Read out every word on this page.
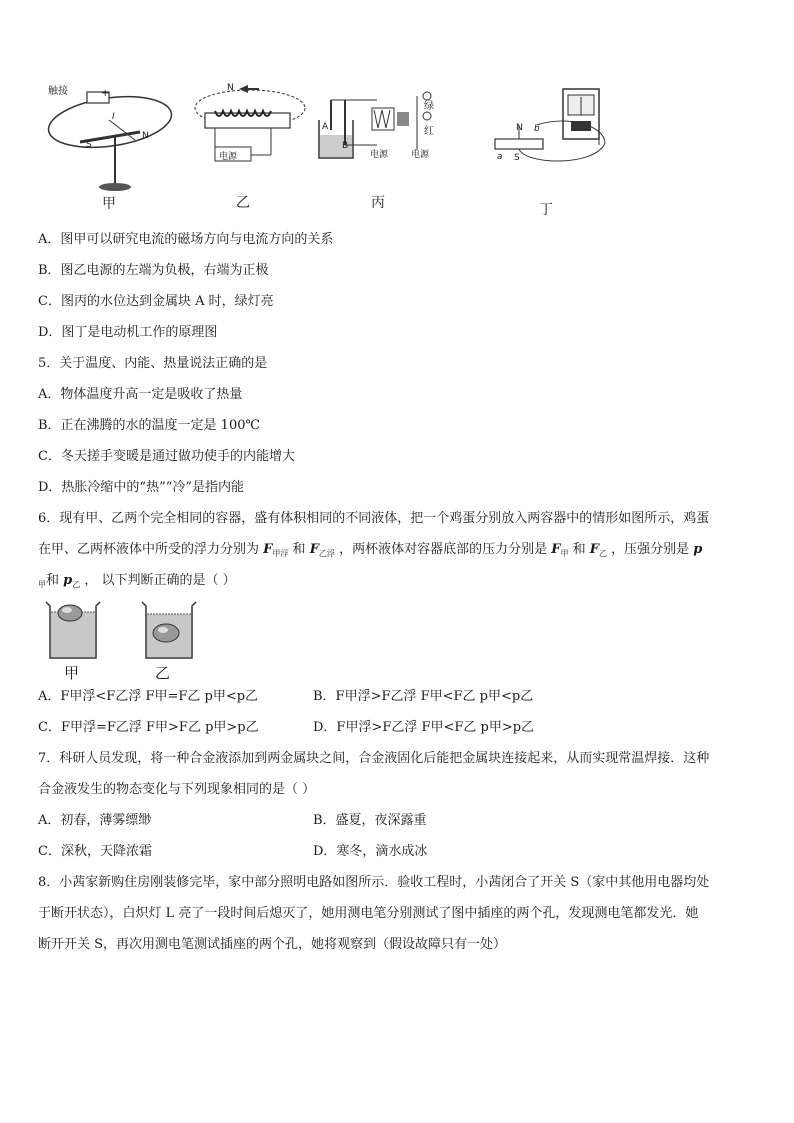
触接	+
I
S
N
甲
N
电源
乙
A
B
电源	电源
绿
红
丙
N b
a S
丁
A．图甲可以研究电流的磁场方向与电流方向的关系
B．图乙电源的左端为负极，右端为正极
C．图丙的水位达到金属块 A 时，绿灯亮
D．图丁是电动机工作的原理图
5．关于温度、内能、热量说法正确的是
A．物体温度升高一定是吸收了热量
B．正在沸腾的水的温度一定是 100℃
C．冬天搓手变暖是通过做功使手的内能增大
D．热胀冷缩中的“热”“冷”是指内能
6．现有甲、乙两个完全相同的容器，盛有体积相同的不同液体，把一个鸡蛋分别放入两容器中的情形如图所示，鸡蛋
在甲、乙两杯液体中所受的浮力分别为 $F_{甲浮}$ 和 $F_{乙浮}$ ，两杯液体对容器底部的压力分别是 $F_甲$ 和 $F_乙$ ，压强分别是 p
$_甲$和 $p_乙$ ， 以下判断正确的是（ ）
甲	乙
A．F甲浮<F乙浮 F甲=F乙 p甲<p乙	B．F甲浮>F乙浮 F甲<F乙 p甲<p乙
C．F甲浮=F乙浮 F甲>F乙 p甲>p乙	D．F甲浮>F乙浮 F甲<F乙 p甲>p乙
7．科研人员发现，将一种合金液添加到两金属块之间，合金液固化后能把金属块连接起来，从而实现常温焊接．这种
合金液发生的物态变化与下列现象相同的是（ ）
A．初春，薄雾缥缈	B．盛夏，夜深露重
C．深秋，天降浓霜	D．寒冬，滴水成冰
8．小茜家新购住房刚装修完毕，家中部分照明电路如图所示．验收工程时，小茜闭合了开关 S（家中其他用电器均处
于断开状态），白炽灯 L 亮了一段时间后熄灭了，她用测电笔分别测试了图中插座的两个孔，发现测电笔都发光．她
断开开关 S，再次用测电笔测试插座的两个孔，她将观察到（假设故障只有一处）
